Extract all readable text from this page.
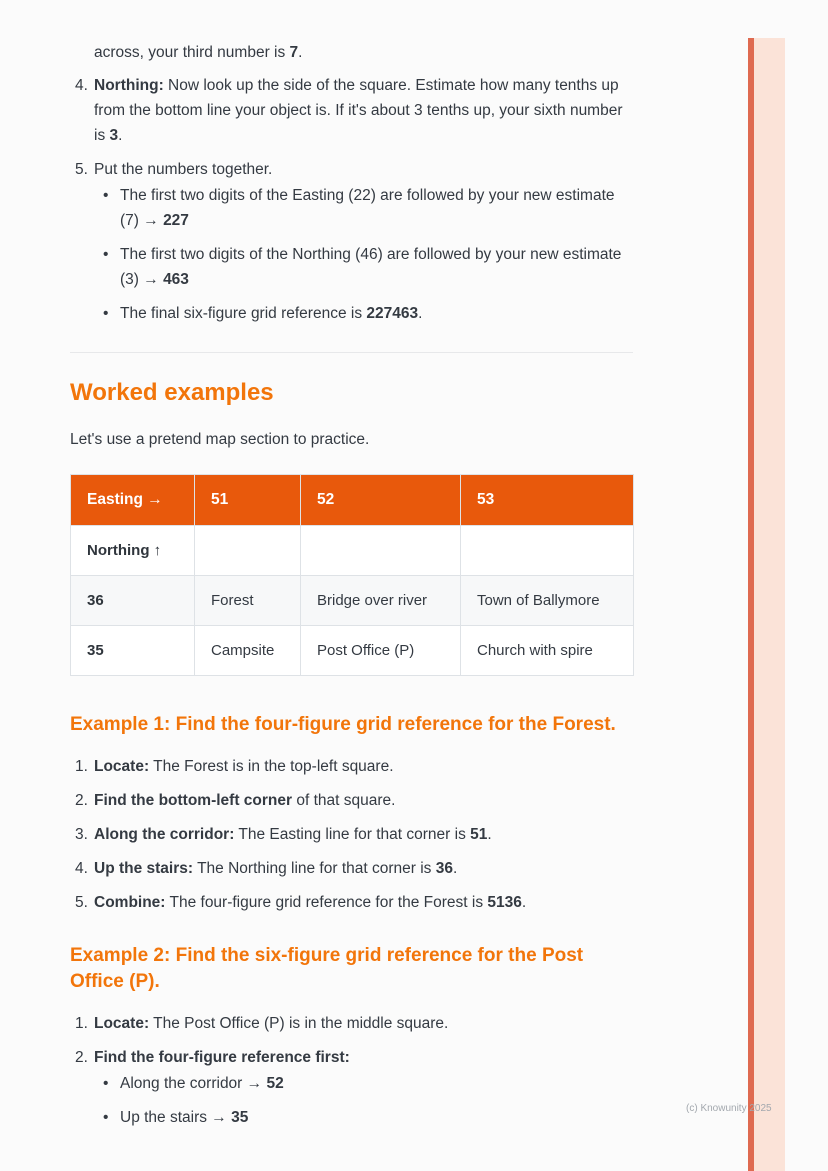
across, your third number is 7.
4. Northing: Now look up the side of the square. Estimate how many tenths up from the bottom line your object is. If it's about 3 tenths up, your sixth number is 3.
5. Put the numbers together.
•
The first two digits of the Easting (22) are followed by your new estimate (7) → 227
•
The first two digits of the Northing (46) are followed by your new estimate (3) → 463
•
The final six-figure grid reference is 227463.
Worked examples

Let's use a pretend map section to practice.

Easting →	51	52	53
Northing ↑			
36	Forest	Bridge over river	Town of Ballymore
35	Campsite	Post Office (P)	Church with spire
Example 1: Find the four-figure grid reference for the Forest.
1. Locate: The Forest is in the top-left square.
2. Find the bottom-left corner of that square.
3. Along the corridor: The Easting line for that corner is 51.
4. Up the stairs: The Northing line for that corner is 36.
5. Combine: The four-figure grid reference for the Forest is 5136.
Example 2: Find the six-figure grid reference for the Post Office (P).
1. Locate: The Post Office (P) is in the middle square.
2. Find the four-figure reference first:
•
Along the corridor → 52
•
Up the stairs → 35
(c) Knowunity 2025
